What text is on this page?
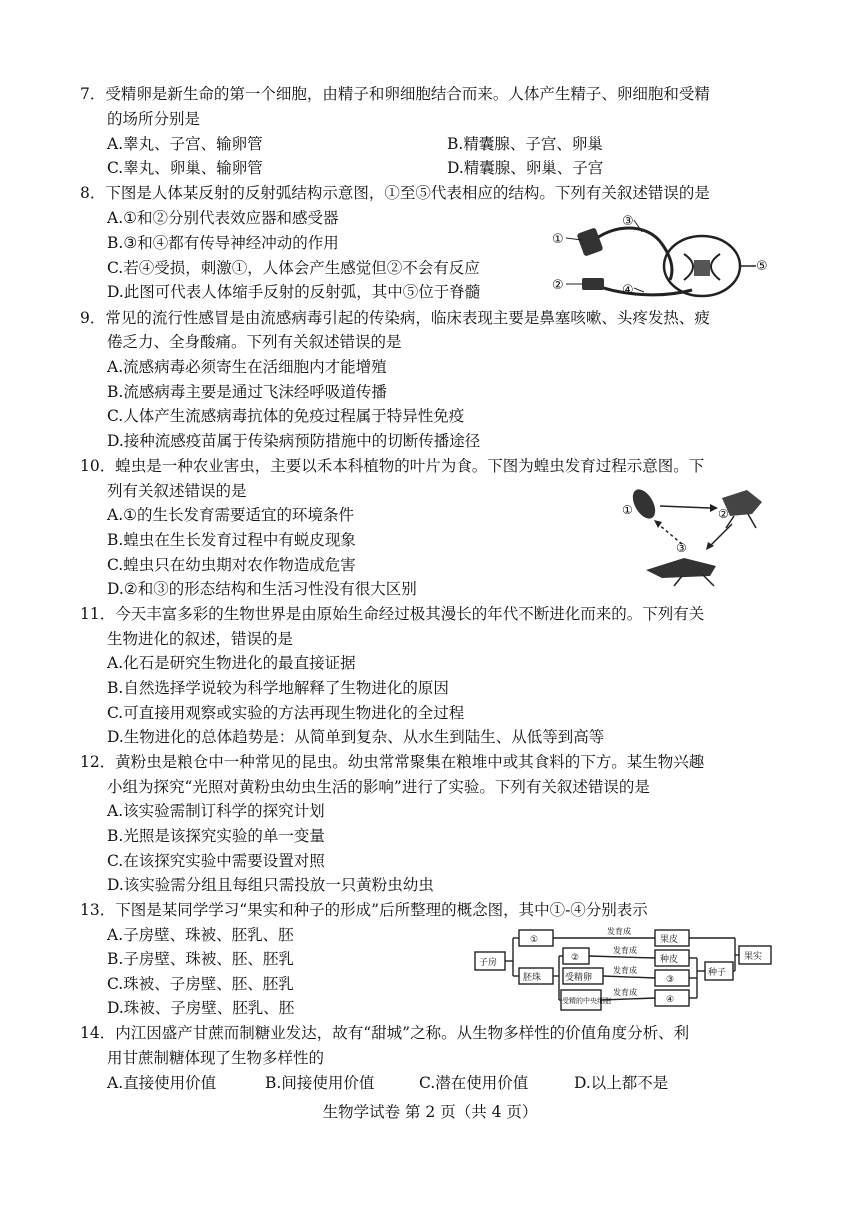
7．受精卵是新生命的第一个细胞，由精子和卵细胞结合而来。人体产生精子、卵细胞和受精
的场所分别是
A.睾丸、子宫、输卵管	B.精囊腺、子宫、卵巢
C.睾丸、卵巢、输卵管	D.精囊腺、卵巢、子宫
8．下图是人体某反射的反射弧结构示意图，①至⑤代表相应的结构。下列有关叙述错误的是
A.①和②分别代表效应器和感受器
B.③和④都有传导神经冲动的作用
C.若④受损，刺激①，人体会产生感觉但②不会有反应
D.此图可代表人体缩手反射的反射弧，其中⑤位于脊髓
①
②
③
④
⑤
9．常见的流行性感冒是由流感病毒引起的传染病，临床表现主要是鼻塞咳嗽、头疼发热、疲
倦乏力、全身酸痛。下列有关叙述错误的是
A.流感病毒必须寄生在活细胞内才能增殖
B.流感病毒主要是通过飞沫经呼吸道传播
C.人体产生流感病毒抗体的免疫过程属于特异性免疫
D.接种流感疫苗属于传染病预防措施中的切断传播途径
10．蝗虫是一种农业害虫，主要以禾本科植物的叶片为食。下图为蝗虫发育过程示意图。下
列有关叙述错误的是
A.①的生长发育需要适宜的环境条件
B.蝗虫在生长发育过程中有蜕皮现象
C.蝗虫只在幼虫期对农作物造成危害
D.②和③的形态结构和生活习性没有很大区别
①	②
③
11．今天丰富多彩的生物世界是由原始生命经过极其漫长的年代不断进化而来的。下列有关
生物进化的叙述，错误的是
A.化石是研究生物进化的最直接证据
B.自然选择学说较为科学地解释了生物进化的原因
C.可直接用观察或实验的方法再现生物进化的全过程
D.生物进化的总体趋势是：从简单到复杂、从水生到陆生、从低等到高等
12．黄粉虫是粮仓中一种常见的昆虫。幼虫常常聚集在粮堆中或其食料的下方。某生物兴趣
小组为探究“光照对黄粉虫幼虫生活的影响”进行了实验。下列有关叙述错误的是
A.该实验需制订科学的探究计划
B.光照是该探究实验的单一变量
C.在该探究实验中需要设置对照
D.该实验需分组且每组只需投放一只黄粉虫幼虫
13．下图是某同学学习“果实和种子的形成”后所整理的概念图，其中①-④分别表示
A.子房壁、珠被、胚乳、胚
B.子房壁、珠被、胚、胚乳
C.珠被、子房壁、胚、胚乳
D.珠被、子房壁、胚乳、胚
子房
①
胚珠
②
受精卵
受精的中央细胞	④
果皮
种皮
③
种子
果实
发育成
发育成
发育成
发育成
14．内江因盛产甘蔗而制糖业发达，故有“甜城”之称。从生物多样性的价值角度分析、利
用甘蔗制糖体现了生物多样性的
A.直接使用价值	B.间接使用价值	C.潜在使用价值	D.以上都不是
生物学试卷 第 2 页（共 4 页）
